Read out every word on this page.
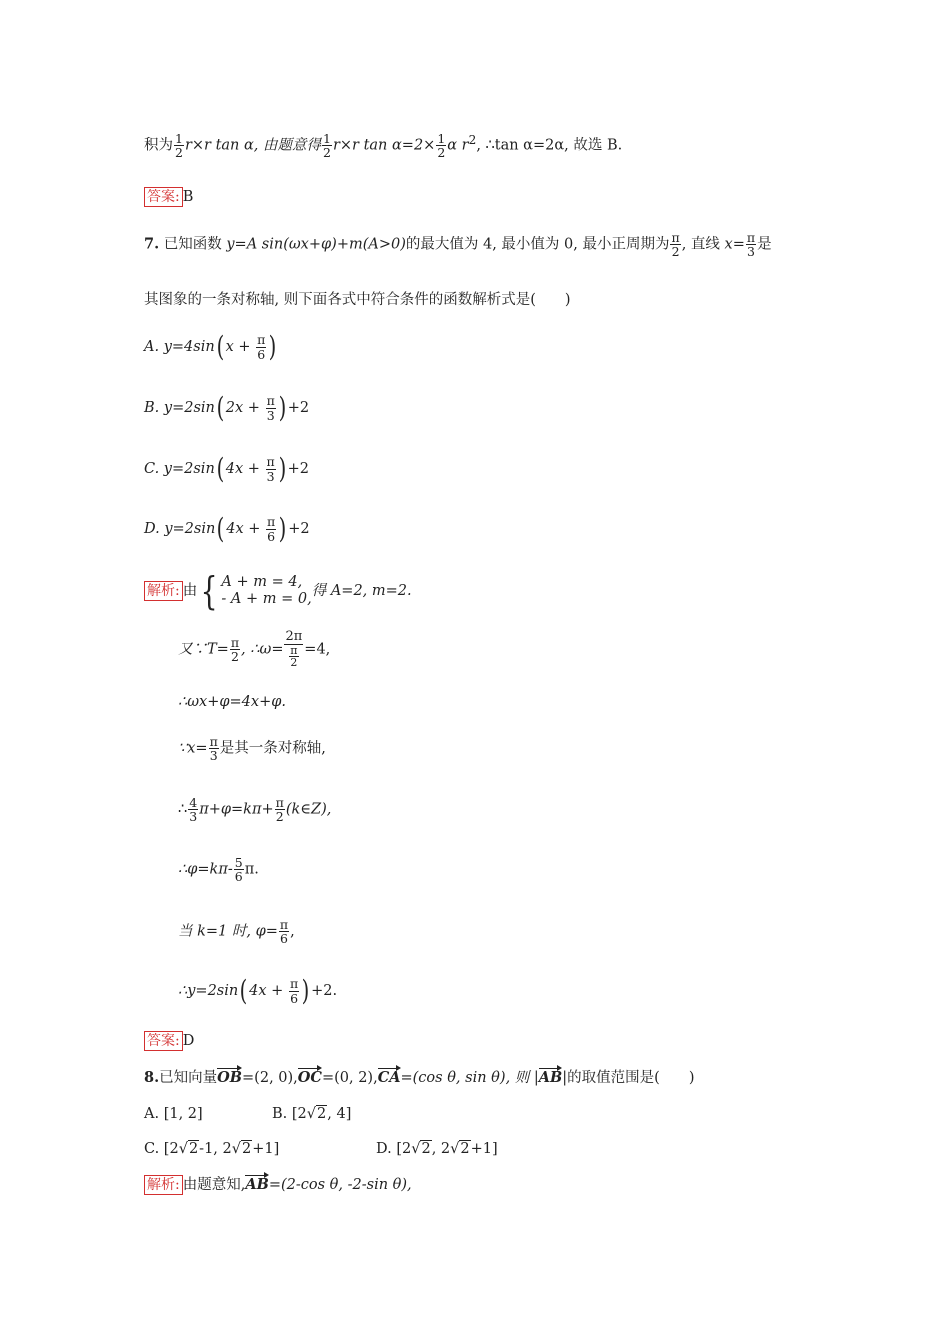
积为 $\frac{1}{2} r\times r$ tan α, 由题意得 $\frac{1}{2} r\times r$ $\tan \alpha=2\times \frac{1}{2}$ α $r^2$, ∴tan α=2α, 故选 B.
答案: B
7. 已知函数 y=A sin(ωx+φ)+m(A>0)的最大值为 4, 最小值为 0, 最小正周期为 $\frac{\pi}{2}$ , 直线 $x= \frac{\pi}{3}$ 是
其图象的一条对称轴, 则下面各式中符合条件的函数解析式是(　　)
A. y=4sin( $x + \frac{\pi}{6}$ )
B. y=2sin( $2x + \frac{\pi}{3}$ ) +2
C. y=2sin( $4x + \frac{\pi}{3}$ ) +2
D. y=2sin( $4x + \frac{\pi}{6}$ ) +2
解析: 由{ A + m = 4,
- A + m = 0, 得 A=2, m=2.
又∵T= $\frac{\pi}{2}$ , ∴ω= $\frac{2\pi}{\frac{\pi}{2}} =4$,
∴ωx+φ=4x+φ.
∵x= $\frac{\pi}{3}$ 是其一条对称轴,
∴ $\frac{4}{3} \pi+\varphi=k\pi+ \frac{\pi}{2}$ (k∈Z),
∴φ=kπ- $\frac{5}{6} \pi$.
当 k=1 时, $\varphi= \frac{\pi}{6}$ ,
∴y=2sin( $4x + \frac{\pi}{6}$ ) +2.
答案: D
8.已知向量OB=(2, 0),OC=(0, 2),CA=(cos θ, sin θ), 则 |AB|的取值范围是(　　)
A. [1, 2]	B. [2√2, 4]
C. [2√2-1, 2√2+1]	D. [2√2, 2√2+1]
解析: 由题意知,AB=(2-cos θ, -2-sin θ),
